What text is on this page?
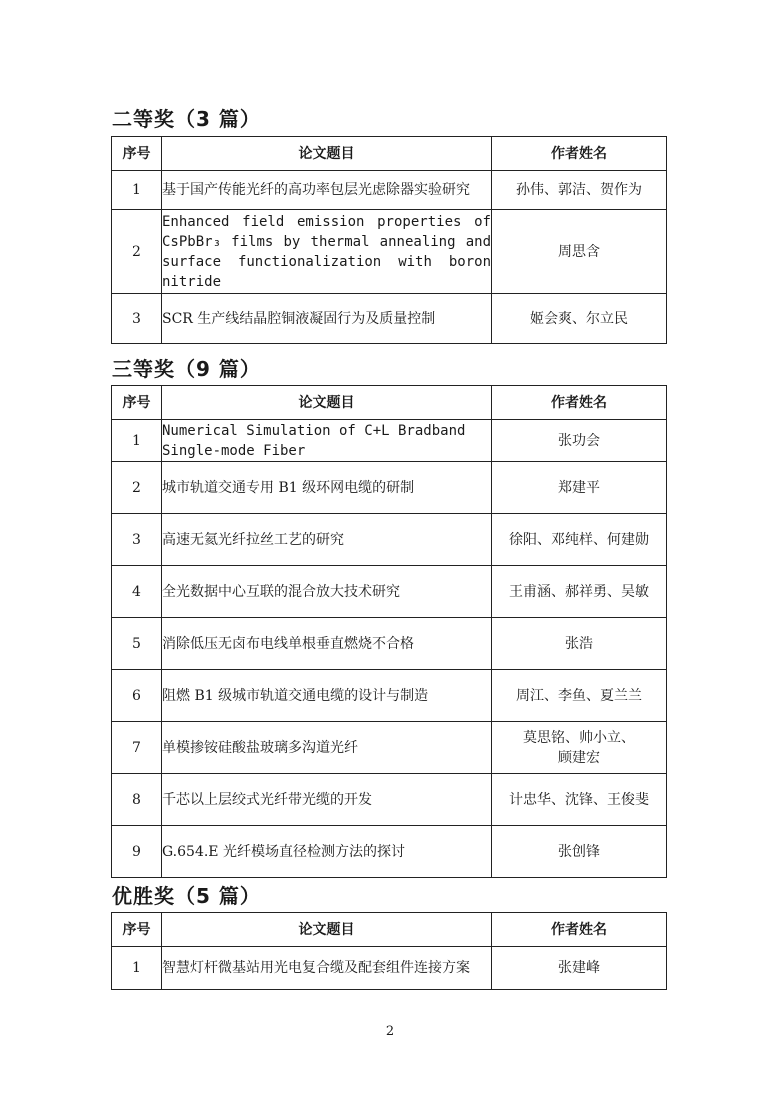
二等奖（3 篇）
序号	论文题目	作者姓名
1	基于国产传能光纤的高功率包层光虑除器实验研究	孙伟、郭洁、贺作为
2	Enhanced field emission properties of CsPbBr₃ films by thermal annealing and surface functionalization with boron nitride	周思含
3	SCR 生产线结晶腔铜液凝固行为及质量控制	姬会爽、尔立民
三等奖（9 篇）
序号	论文题目	作者姓名
1	Numerical Simulation of C+L Bradband Single-mode Fiber	张功会
2	城市轨道交通专用 B1 级环网电缆的研制	郑建平
3	高速无氦光纤拉丝工艺的研究	徐阳、邓纯样、何建勋
4	全光数据中心互联的混合放大技术研究	王甫涵、郝祥勇、吴敏
5	消除低压无卤布电线单根垂直燃烧不合格	张浩
6	阻燃 B1 级城市轨道交通电缆的设计与制造	周江、李鱼、夏兰兰
7	单模掺铵硅酸盐玻璃多沟道光纤	莫思铭、帅小立、顾建宏
8	千芯以上层绞式光纤带光缆的开发	计忠华、沈锋、王俊斐
9	G.654.E 光纤模场直径检测方法的探讨	张创锋
优胜奖（5 篇）
序号	论文题目	作者姓名
1	智慧灯杆微基站用光电复合缆及配套组件连接方案	张建峰
2
